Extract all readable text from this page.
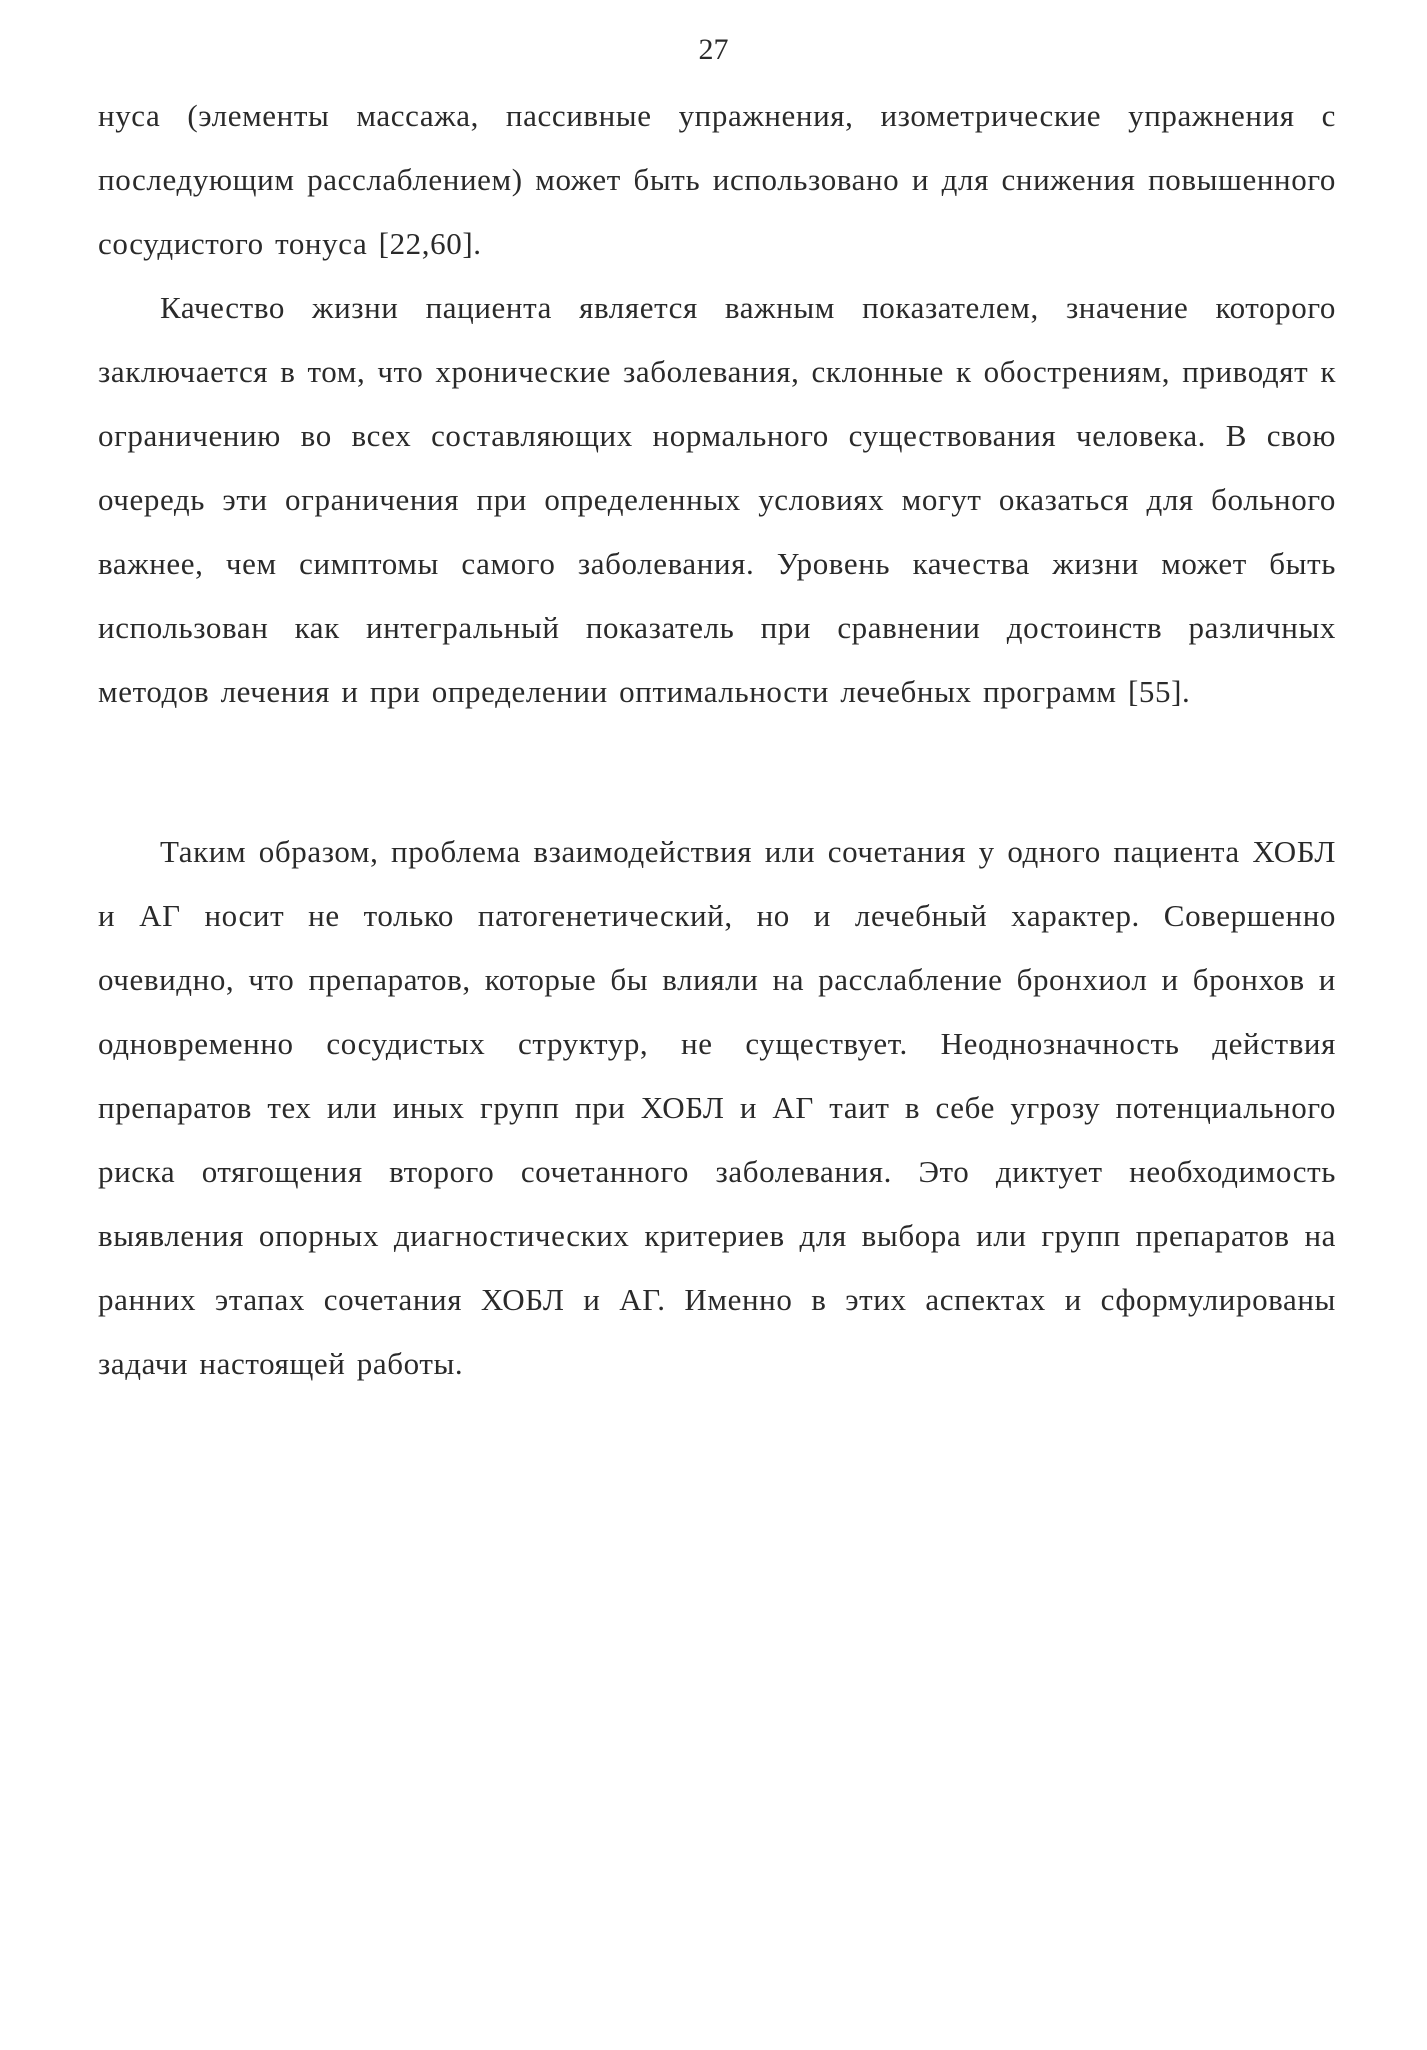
27

нуса (элементы массажа, пассивные упражнения, изометрические упражнения с последующим расслаблением) может быть использовано и для снижения повышенного сосудистого тонуса [22,60].

Качество жизни пациента является важным показателем, значение которого заключается в том, что хронические заболевания, склонные к обострениям, приводят к ограничению во всех составляющих нормального существования человека. В свою очередь эти ограничения при определенных условиях могут оказаться для больного важнее, чем симптомы самого заболевания. Уровень качества жизни может быть использован как интегральный показатель при сравнении достоинств различных методов лечения и при определении оптимальности лечебных программ [55].

Таким образом, проблема взаимодействия или сочетания у одного пациента ХОБЛ и АГ носит не только патогенетический, но и лечебный характер. Совершенно очевидно, что препаратов, которые бы влияли на расслабление бронхиол и бронхов и одновременно сосудистых структур, не существует. Неоднозначность действия препаратов тех или иных групп при ХОБЛ и АГ таит в себе угрозу потенциального риска отягощения второго сочетанного заболевания. Это диктует необходимость выявления опорных диагностических критериев для выбора или групп препаратов на ранних этапах сочетания ХОБЛ и АГ. Именно в этих аспектах и сформулированы задачи настоящей работы.
